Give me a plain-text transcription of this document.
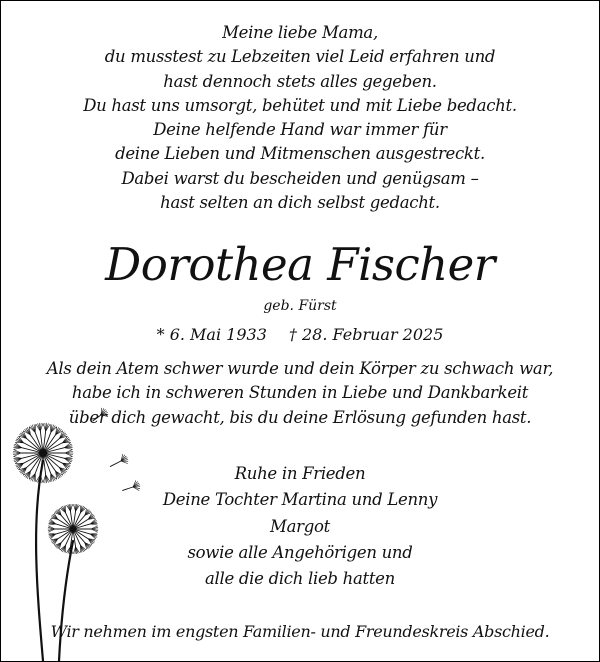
Meine liebe Mama,
du musstest zu Lebzeiten viel Leid erfahren und
hast dennoch stets alles gegeben.
Du hast uns umsorgt, behütet und mit Liebe bedacht.
Deine helfende Hand war immer für
deine Lieben und Mitmenschen ausgestreckt.
Dabei warst du bescheiden und genügsam –
hast selten an dich selbst gedacht.
Dorothea Fischer
geb. Fürst
* 6. Mai 1933 † 28. Februar 2025
Als dein Atem schwer wurde und dein Körper zu schwach war,
habe ich in schweren Stunden in Liebe und Dankbarkeit
über dich gewacht, bis du deine Erlösung gefunden hast.
Ruhe in Frieden
Deine Tochter Martina und Lenny
Margot
sowie alle Angehörigen und
alle die dich lieb hatten
Wir nehmen im engsten Familien- und Freundeskreis Abschied.
